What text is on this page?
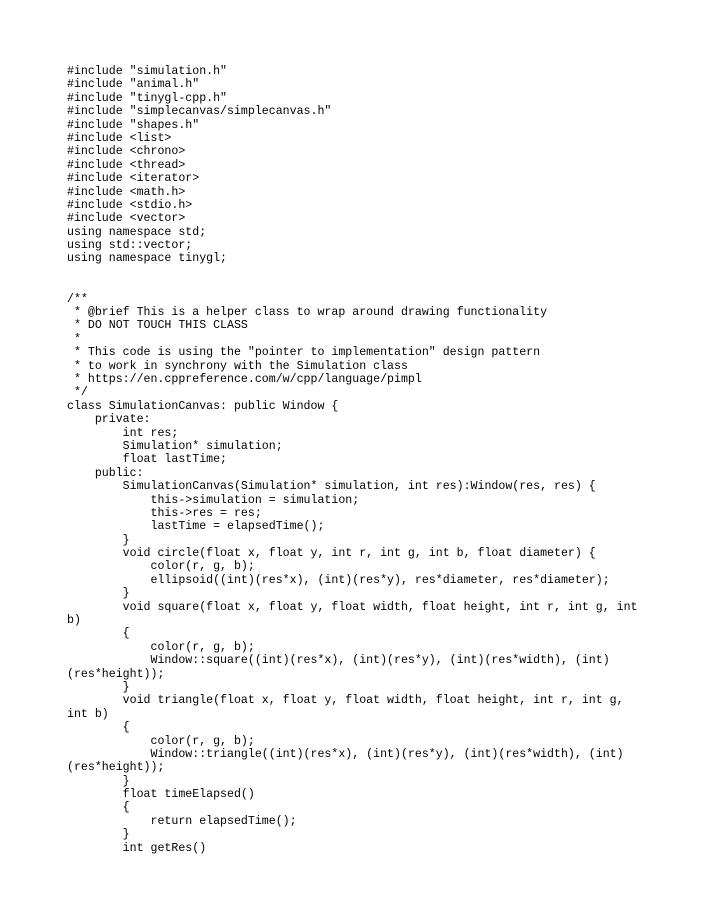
#include "simulation.h"
#include "animal.h"
#include "tinygl-cpp.h"
#include "simplecanvas/simplecanvas.h"
#include "shapes.h"
#include <list>
#include <chrono>
#include <thread>
#include <iterator>
#include <math.h>
#include <stdio.h>
#include <vector>
using namespace std;
using std::vector;
using namespace tinygl;

/**
* @brief This is a helper class to wrap around drawing functionality
* DO NOT TOUCH THIS CLASS
*
* This code is using the "pointer to implementation" design pattern
* to work in synchrony with the Simulation class
* https://en.cppreference.com/w/cpp/language/pimpl
*/
class SimulationCanvas: public Window {
private:
int res;
Simulation* simulation;
float lastTime;
public:
SimulationCanvas(Simulation* simulation, int res):Window(res, res) {
this->simulation = simulation;
this->res = res;
lastTime = elapsedTime();
}
void circle(float x, float y, int r, int g, int b, float diameter) {
color(r, g, b);
ellipsoid((int)(res*x), (int)(res*y), res*diameter, res*diameter);
}
void square(float x, float y, float width, float height, int r, int g, int
b)
{
color(r, g, b);
Window::square((int)(res*x), (int)(res*y), (int)(res*width), (int)
(res*height));
}
void triangle(float x, float y, float width, float height, int r, int g,
int b)
{
color(r, g, b);
Window::triangle((int)(res*x), (int)(res*y), (int)(res*width), (int)
(res*height));
}
float timeElapsed()
{
return elapsedTime();
}
int getRes()
